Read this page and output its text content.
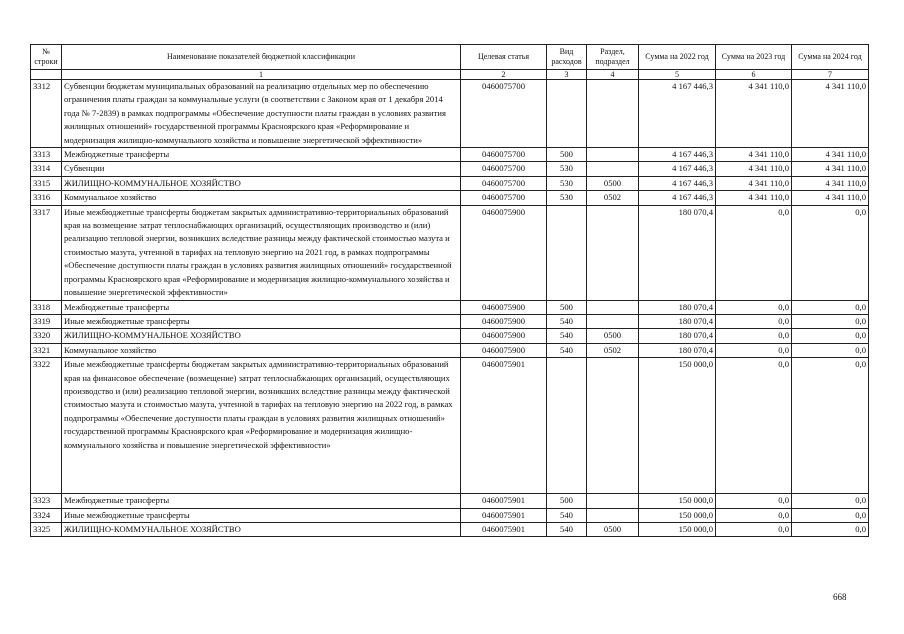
№ строки	Наименование показателей бюджетной классификации	Целевая статья	Вид расходов	Раздел, подраздел	Сумма на 2022 год	Сумма на 2023 год	Сумма на 2024 год
	1	2	3	4	5	6	7
3312	Субвенции бюджетам муниципальных образований на реализацию отдельных мер по обеспечению ограничения платы граждан за коммунальные услуги (в соответствии с Законом края от 1 декабря 2014 года № 7-2839) в рамках подпрограммы «Обеспечение доступности платы граждан в условиях развития жилищных отношений» государственной программы Красноярского края «Реформирование и модернизация жилищно-коммунального хозяйства и повышение энергетической эффективности»	0460075700			4 167 446,3	4 341 110,0	4 341 110,0
3313	Межбюджетные трансферты	0460075700	500		4 167 446,3	4 341 110,0	4 341 110,0
3314	Субвенции	0460075700	530		4 167 446,3	4 341 110,0	4 341 110,0
3315	ЖИЛИЩНО-КОММУНАЛЬНОЕ ХОЗЯЙСТВО	0460075700	530	0500	4 167 446,3	4 341 110,0	4 341 110,0
3316	Коммунальное хозяйство	0460075700	530	0502	4 167 446,3	4 341 110,0	4 341 110,0
3317	Иные межбюджетные трансферты бюджетам закрытых административно-территориальных образований края на возмещение затрат теплоснабжающих организаций, осуществляющих производство и (или) реализацию тепловой энергии, возникших вследствие разницы между фактической стоимостью мазута и стоимостью мазута, учтенной в тарифах на тепловую энергию на 2021 год, в рамках подпрограммы «Обеспечение доступности платы граждан в условиях развития жилищных отношений» государственной программы Красноярского края «Реформирование и модернизация жилищно-коммунального хозяйства и повышение энергетической эффективности»	0460075900			180 070,4	0,0	0,0
3318	Межбюджетные трансферты	0460075900	500		180 070,4	0,0	0,0
3319	Иные межбюджетные трансферты	0460075900	540		180 070,4	0,0	0,0
3320	ЖИЛИЩНО-КОММУНАЛЬНОЕ ХОЗЯЙСТВО	0460075900	540	0500	180 070,4	0,0	0,0
3321	Коммунальное хозяйство	0460075900	540	0502	180 070,4	0,0	0,0
3322	Иные межбюджетные трансферты бюджетам закрытых административно-территориальных образований края на финансовое обеспечение (возмещение) затрат теплоснабжающих организаций, осуществляющих производство и (или) реализацию тепловой энергии, возникших вследствие разницы между фактической стоимостью мазута и стоимостью мазута, учтенной в тарифах на тепловую энергию на 2022 год, в рамках подпрограммы «Обеспечение доступности платы граждан в условиях развития жилищных отношений» государственной программы Красноярского края «Реформирование и модернизация жилищно-коммунального хозяйства и повышение энергетической эффективности»	0460075901			150 000,0	0,0	0,0
3323	Межбюджетные трансферты	0460075901	500		150 000,0	0,0	0,0
3324	Иные межбюджетные трансферты	0460075901	540		150 000,0	0,0	0,0
3325	ЖИЛИЩНО-КОММУНАЛЬНОЕ ХОЗЯЙСТВО	0460075901	540	0500	150 000,0	0,0	0,0
668
